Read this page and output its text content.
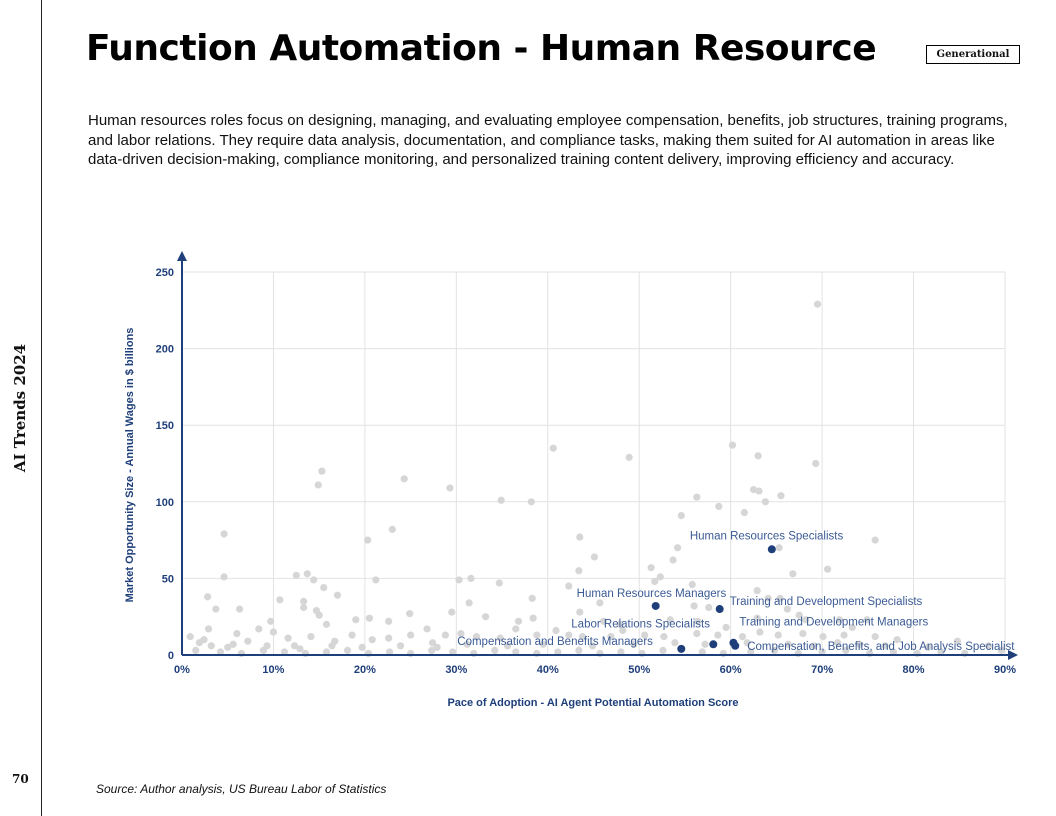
AI Trends 2024
70
Function Automation - Human Resource	Generational

Human resources roles focus on designing, managing, and evaluating employee compensation, benefits, job structures, training programs, and labor relations. They require data analysis, documentation, and compliance tasks, making them suited for AI automation in areas like data-driven decision-making, compliance monitoring, and personalized training content delivery, improving efficiency and accuracy.

0%	10%	20%	30%	40%	50%	60%	70%	80%	90%
0
50
100
150
200
250
Human Resources Specialists
Human Resources Managers
Training and Development Specialists
Labor Relations Specialists	Training and Development Managers
Compensation and Benefits Managers	Compensation, Benefits, and Job Analysis Specialist
Pace of Adoption - AI Agent Potential Automation Score
Market Opportunity Size - Annual Wages in $ billions
Source: Author analysis, US Bureau Labor of Statistics
